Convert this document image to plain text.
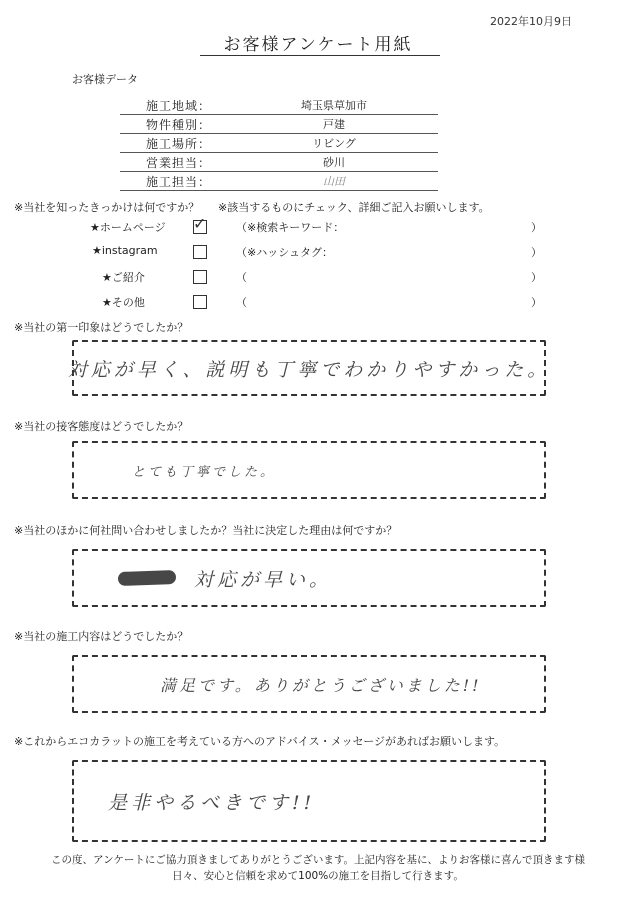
2022年10月9日
お客様アンケート用紙
お客様データ
施工地域：	埼玉県草加市
物件種別：	戸建
施工場所：	リビング
営業担当：	砂川
施工担当：	山田
※当社を知ったきっかけは何ですか？ ※該当するものにチェック、詳細ご記入お願いします。
★ホームページ ✓	（※検索キーワード：	）
★instagram	（※ハッシュタグ：	）
★ご紹介	（	）
★その他	（	）
※当社の第一印象はどうでしたか？
対応が早く、説明も丁寧でわかりやすかった。
※当社の接客態度はどうでしたか？
とても丁寧でした。
※当社のほかに何社問い合わせしましたか？当社に決定した理由は何ですか？
対応が早い。
※当社の施工内容はどうでしたか？
満足です。ありがとうございました!!
※これからエコカラットの施工を考えている方へのアドバイス・メッセージがあればお願いします。
是非やるべきです!!
この度、アンケートにご協力頂きましてありがとうございます。上記内容を基に、よりお客様に喜んで頂きます様
日々、安心と信頼を求めて100%の施工を目指して行きます。
